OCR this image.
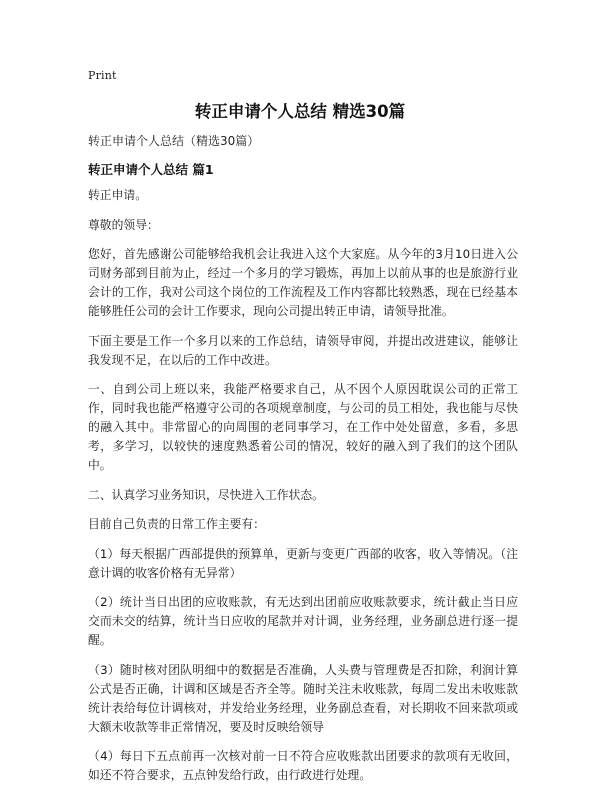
Print
转正申请个人总结 精选30篇
转正申请个人总结（精选30篇）
转正申请个人总结 篇1

转正申请。

尊敬的领导：

您好，首先感谢公司能够给我机会让我进入这个大家庭。从今年的3月10日进入公司财务部到目前为止，经过一个多月的学习锻炼，再加上以前从事的也是旅游行业会计的工作，我对公司这个岗位的工作流程及工作内容都比较熟悉，现在已经基本能够胜任公司的会计工作要求，现向公司提出转正申请，请领导批准。

下面主要是工作一个多月以来的工作总结，请领导审阅，并提出改进建议，能够让我发现不足，在以后的工作中改进。

一、自到公司上班以来，我能严格要求自己，从不因个人原因耽误公司的正常工作，同时我也能严格遵守公司的各项规章制度，与公司的员工相处，我也能与尽快的融入其中。非常留心的向周围的老同事学习，在工作中处处留意，多看，多思考，多学习，以较快的速度熟悉着公司的情况，较好的融入到了我们的这个团队中。

二、认真学习业务知识，尽快进入工作状态。

目前自己负责的日常工作主要有：

（1）每天根据广西部提供的预算单，更新与变更广西部的收客，收入等情况。（注意计调的收客价格有无异常）

（2）统计当日出团的应收账款，有无达到出团前应收账款要求，统计截止当日应交而未交的结算，统计当日应收的尾款并对计调，业务经理，业务副总进行逐一提醒。

（3）随时核对团队明细中的数据是否准确，人头费与管理费是否扣除，利润计算公式是否正确，计调和区域是否齐全等。随时关注未收账款，每周二发出未收账款统计表给每位计调核对，并发给业务经理，业务副总查看，对长期收不回来款项或大额未收款等非正常情况，要及时反映给领导

（4）每日下五点前再一次核对前一日不符合应收账款出团要求的款项有无收回，如还不符合要求，五点钟发给行政，由行政进行处理。
